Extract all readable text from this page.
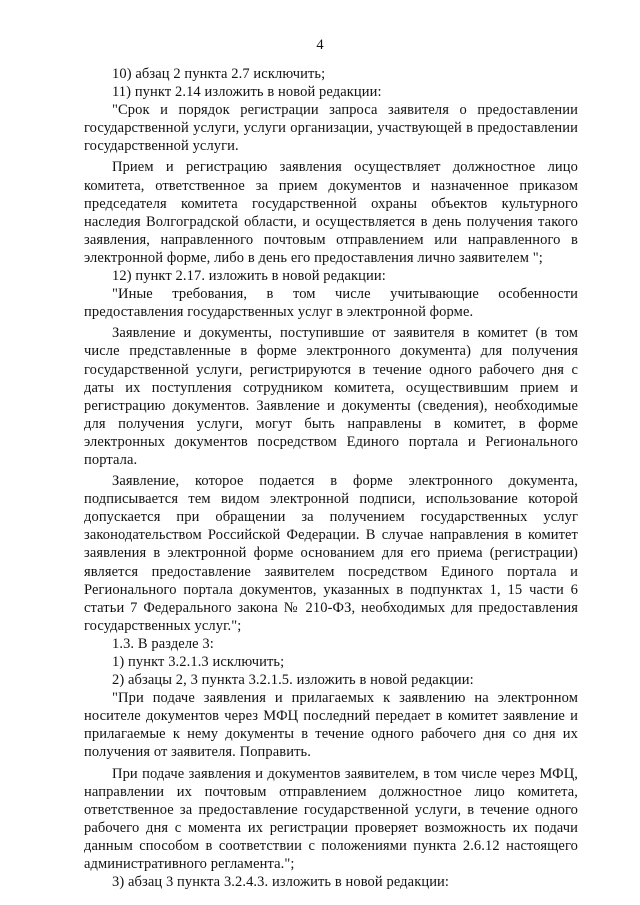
4

10) абзац 2 пункта 2.7 исключить;

11) пункт 2.14 изложить в новой редакции:

"Срок и порядок регистрации запроса заявителя о предоставлении государственной услуги, услуги организации, участвующей в предоставлении государственной услуги.

Прием и регистрацию заявления осуществляет должностное лицо комитета, ответственное за прием документов и назначенное приказом председателя комитета государственной охраны объектов культурного наследия Волгоградской области, и осуществляется в день получения такого заявления, направленного почтовым отправлением или направленного в электронной форме, либо в день его предоставления лично заявителем ";

12) пункт 2.17. изложить в новой редакции:

"Иные требования, в том числе учитывающие особенности предоставления государственных услуг в электронной форме.

Заявление и документы, поступившие от заявителя в комитет (в том числе представленные в форме электронного документа) для получения государственной услуги, регистрируются в течение одного рабочего дня с даты их поступления сотрудником комитета, осуществившим прием и регистрацию документов. Заявление и документы (сведения), необходимые для получения услуги, могут быть направлены в комитет, в форме электронных документов посредством Единого портала и Регионального портала.

Заявление, которое подается в форме электронного документа, подписывается тем видом электронной подписи, использование которой допускается при обращении за получением государственных услуг законодательством Российской Федерации. В случае направления в комитет заявления в электронной форме основанием для его приема (регистрации) является предоставление заявителем посредством Единого портала и Регионального портала документов, указанных в подпунктах 1, 15 части 6 статьи 7 Федерального закона № 210-ФЗ, необходимых для предоставления государственных услуг.";

1.3. В разделе 3:

1) пункт 3.2.1.3 исключить;

2) абзацы 2, 3 пункта 3.2.1.5. изложить в новой редакции:

"При подаче заявления и прилагаемых к заявлению на электронном носителе документов через МФЦ последний передает в комитет заявление и прилагаемые к нему документы в течение одного рабочего дня со дня их получения от заявителя. Поправить.

При подаче заявления и документов заявителем, в том числе через МФЦ, направлении их почтовым отправлением должностное лицо комитета, ответственное за предоставление государственной услуги, в течение одного рабочего дня с момента их регистрации проверяет возможность их подачи данным способом в соответствии с положениями пункта 2.6.12 настоящего административного регламента.";

3) абзац 3 пункта 3.2.4.3. изложить в новой редакции:
